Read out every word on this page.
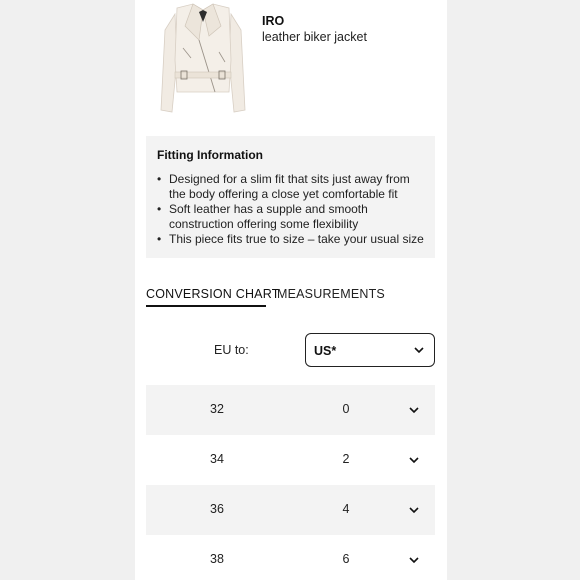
IRO
leather biker jacket
Fitting Information
• Designed for a slim fit that sits just away from the body offering a close yet comfortable fit
• Soft leather has a supple and smooth construction offering some flexibility
• This piece fits true to size – take your usual size
CONVERSION CHART
MEASUREMENTS
EU to:	US*
32	0
34	2
36	4
38	6
